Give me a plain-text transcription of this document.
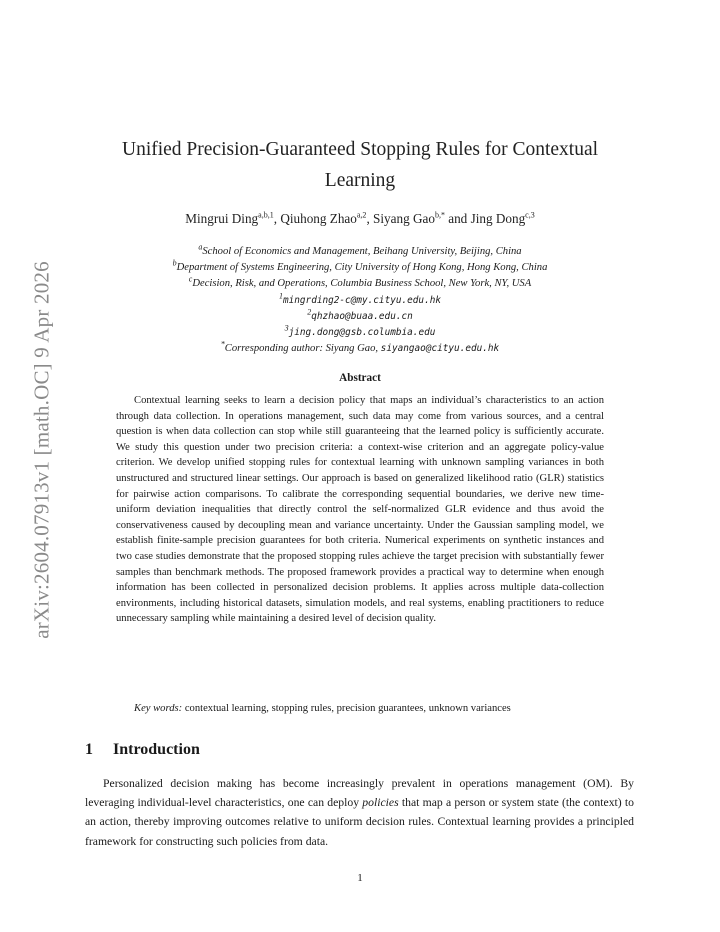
arXiv:2604.07913v1 [math.OC] 9 Apr 2026
Unified Precision-Guaranteed Stopping Rules for Contextual
Learning
Mingrui Ding$^{a,b,1}$, Qiuhong Zhao$^{a,2}$, Siyang Gao$^{b,*}$ and Jing Dong$^{c,3}$
$^a$School of Economics and Management, Beihang University, Beijing, China
$^b$Department of Systems Engineering, City University of Hong Kong, Hong Kong, China
$^c$Decision, Risk, and Operations, Columbia Business School, New York, NY, USA
$^1$mingrding2-c@my.cityu.edu.hk
$^2$qhzhao@buaa.edu.cn
$^3$jing.dong@gsb.columbia.edu
*Corresponding author: Siyang Gao, siyangao@cityu.edu.hk
Abstract

Contextual learning seeks to learn a decision policy that maps an individual’s characteristics to an action through data collection. In operations management, such data may come from various sources, and a central question is when data collection can stop while still guaranteeing that the learned policy is sufficiently accurate. We study this question under two precision criteria: a context-wise criterion and an aggregate policy-value criterion. We develop unified stopping rules for contextual learning with unknown sampling variances in both unstructured and structured linear settings. Our approach is based on generalized likelihood ratio (GLR) statistics for pairwise action comparisons. To calibrate the corresponding sequential boundaries, we derive new time-uniform deviation inequalities that directly control the self-normalized GLR evidence and thus avoid the conservativeness caused by decoupling mean and variance uncertainty. Under the Gaussian sampling model, we establish finite-sample precision guarantees for both criteria. Numerical experiments on synthetic instances and two case studies demonstrate that the proposed stopping rules achieve the target precision with substantially fewer samples than benchmark methods. The proposed framework provides a practical way to determine when enough information has been collected in personalized decision problems. It applies across multiple data-collection environments, including historical datasets, simulation models, and real systems, enabling practitioners to reduce unnecessary sampling while maintaining a desired level of decision quality.

Key words: contextual learning, stopping rules, precision guarantees, unknown variances
1 Introduction

Personalized decision making has become increasingly prevalent in operations management (OM). By leveraging individual-level characteristics, one can deploy policies that map a person or system state (the context) to an action, thereby improving outcomes relative to uniform decision rules. Contextual learning provides a principled framework for constructing such policies from data.

1
